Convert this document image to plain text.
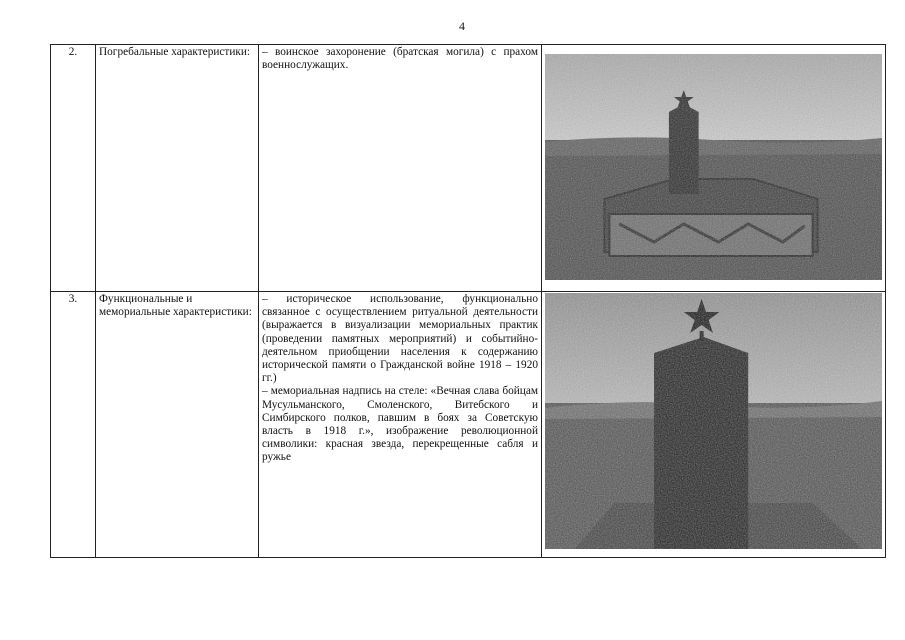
4
2.	Погребальные характеристики:	– воинское захоронение (братская могила) с прахом военнослужащих.

3.	Функциональные и мемориальные характеристики:	– историческое использование, функционально связанное с осуществлением ритуальной деятельности (выражается в визуализации мемориальных практик (проведении памятных мероприятий) и событийно-деятельном приобщении населения к содержанию исторической памяти о Гражданской войне 1918 – 1920 гг.)

– мемориальная надпись на стеле: «Вечная слава бойцам Мусульманского, Смоленского, Витебского и Симбирского полков, павшим в боях за Советскую власть в 1918 г.», изображение революционной символики: красная звезда, перекрещенные сабля и ружье
